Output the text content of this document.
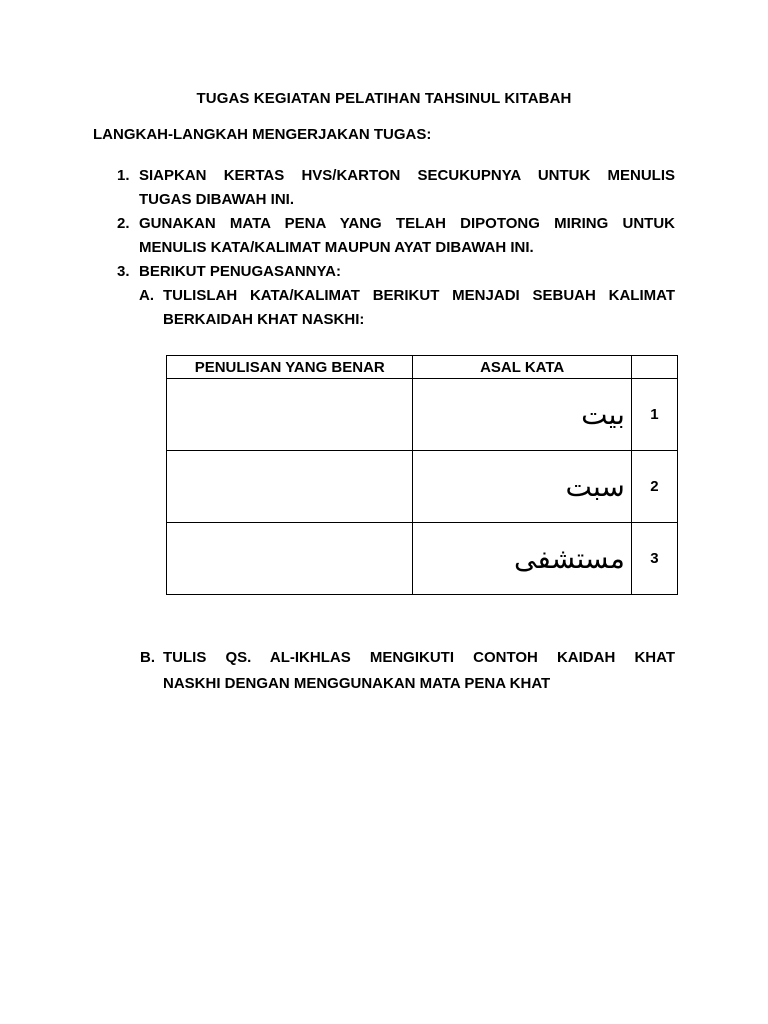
TUGAS KEGIATAN PELATIHAN TAHSINUL KITABAH
LANGKAH-LANGKAH MENGERJAKAN TUGAS:
1. SIAPKAN KERTAS HVS/KARTON SECUKUPNYA UNTUK MENULIS
TUGAS DIBAWAH INI.
2. GUNAKAN MATA PENA YANG TELAH DIPOTONG MIRING UNTUK
MENULIS KATA/KALIMAT MAUPUN AYAT DIBAWAH INI.
3. BERIKUT PENUGASANNYA:
A. TULISLAH KATA/KALIMAT BERIKUT MENJADI SEBUAH KALIMAT
BERKAIDAH KHAT NASKHI:
PENULISAN YANG BENAR	ASAL KATA	
	بيت	1
	سبت	2
	مستشفى	3
B. TULIS QS. AL-IKHLAS MENGIKUTI CONTOH KAIDAH KHAT
NASKHI DENGAN MENGGUNAKAN MATA PENA KHAT
